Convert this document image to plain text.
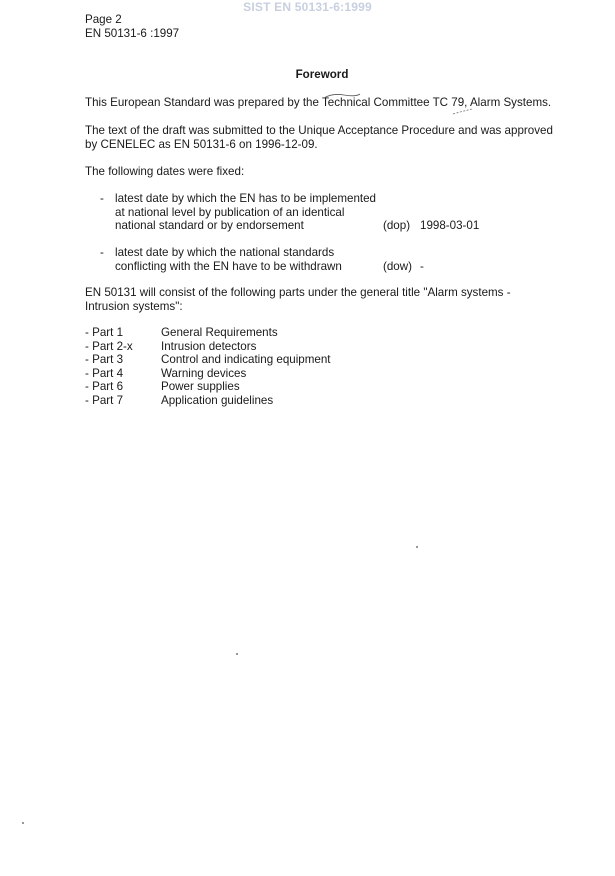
SIST EN 50131-6:1999
Page 2
EN 50131-6 :1997
Foreword
This European Standard was prepared by the Technical Committee TC 79, Alarm Systems.
The text of the draft was submitted to the Unique Acceptance Procedure and was approved
by CENELEC as EN 50131-6 on 1996-12-09.
The following dates were fixed:
- latest date by which the EN has to be implemented
at national level by publication of an identical
national standard or by endorsement	(dop) 1998-03-01
- latest date by which the national standards
conflicting with the EN have to be withdrawn	(dow) -
EN 50131 will consist of the following parts under the general title "Alarm systems -
Intrusion systems":
- Part 1	General Requirements
- Part 2-x Intrusion detectors
- Part 3	Control and indicating equipment
- Part 4	Warning devices
- Part 6	Power supplies
- Part 7	Application guidelines
